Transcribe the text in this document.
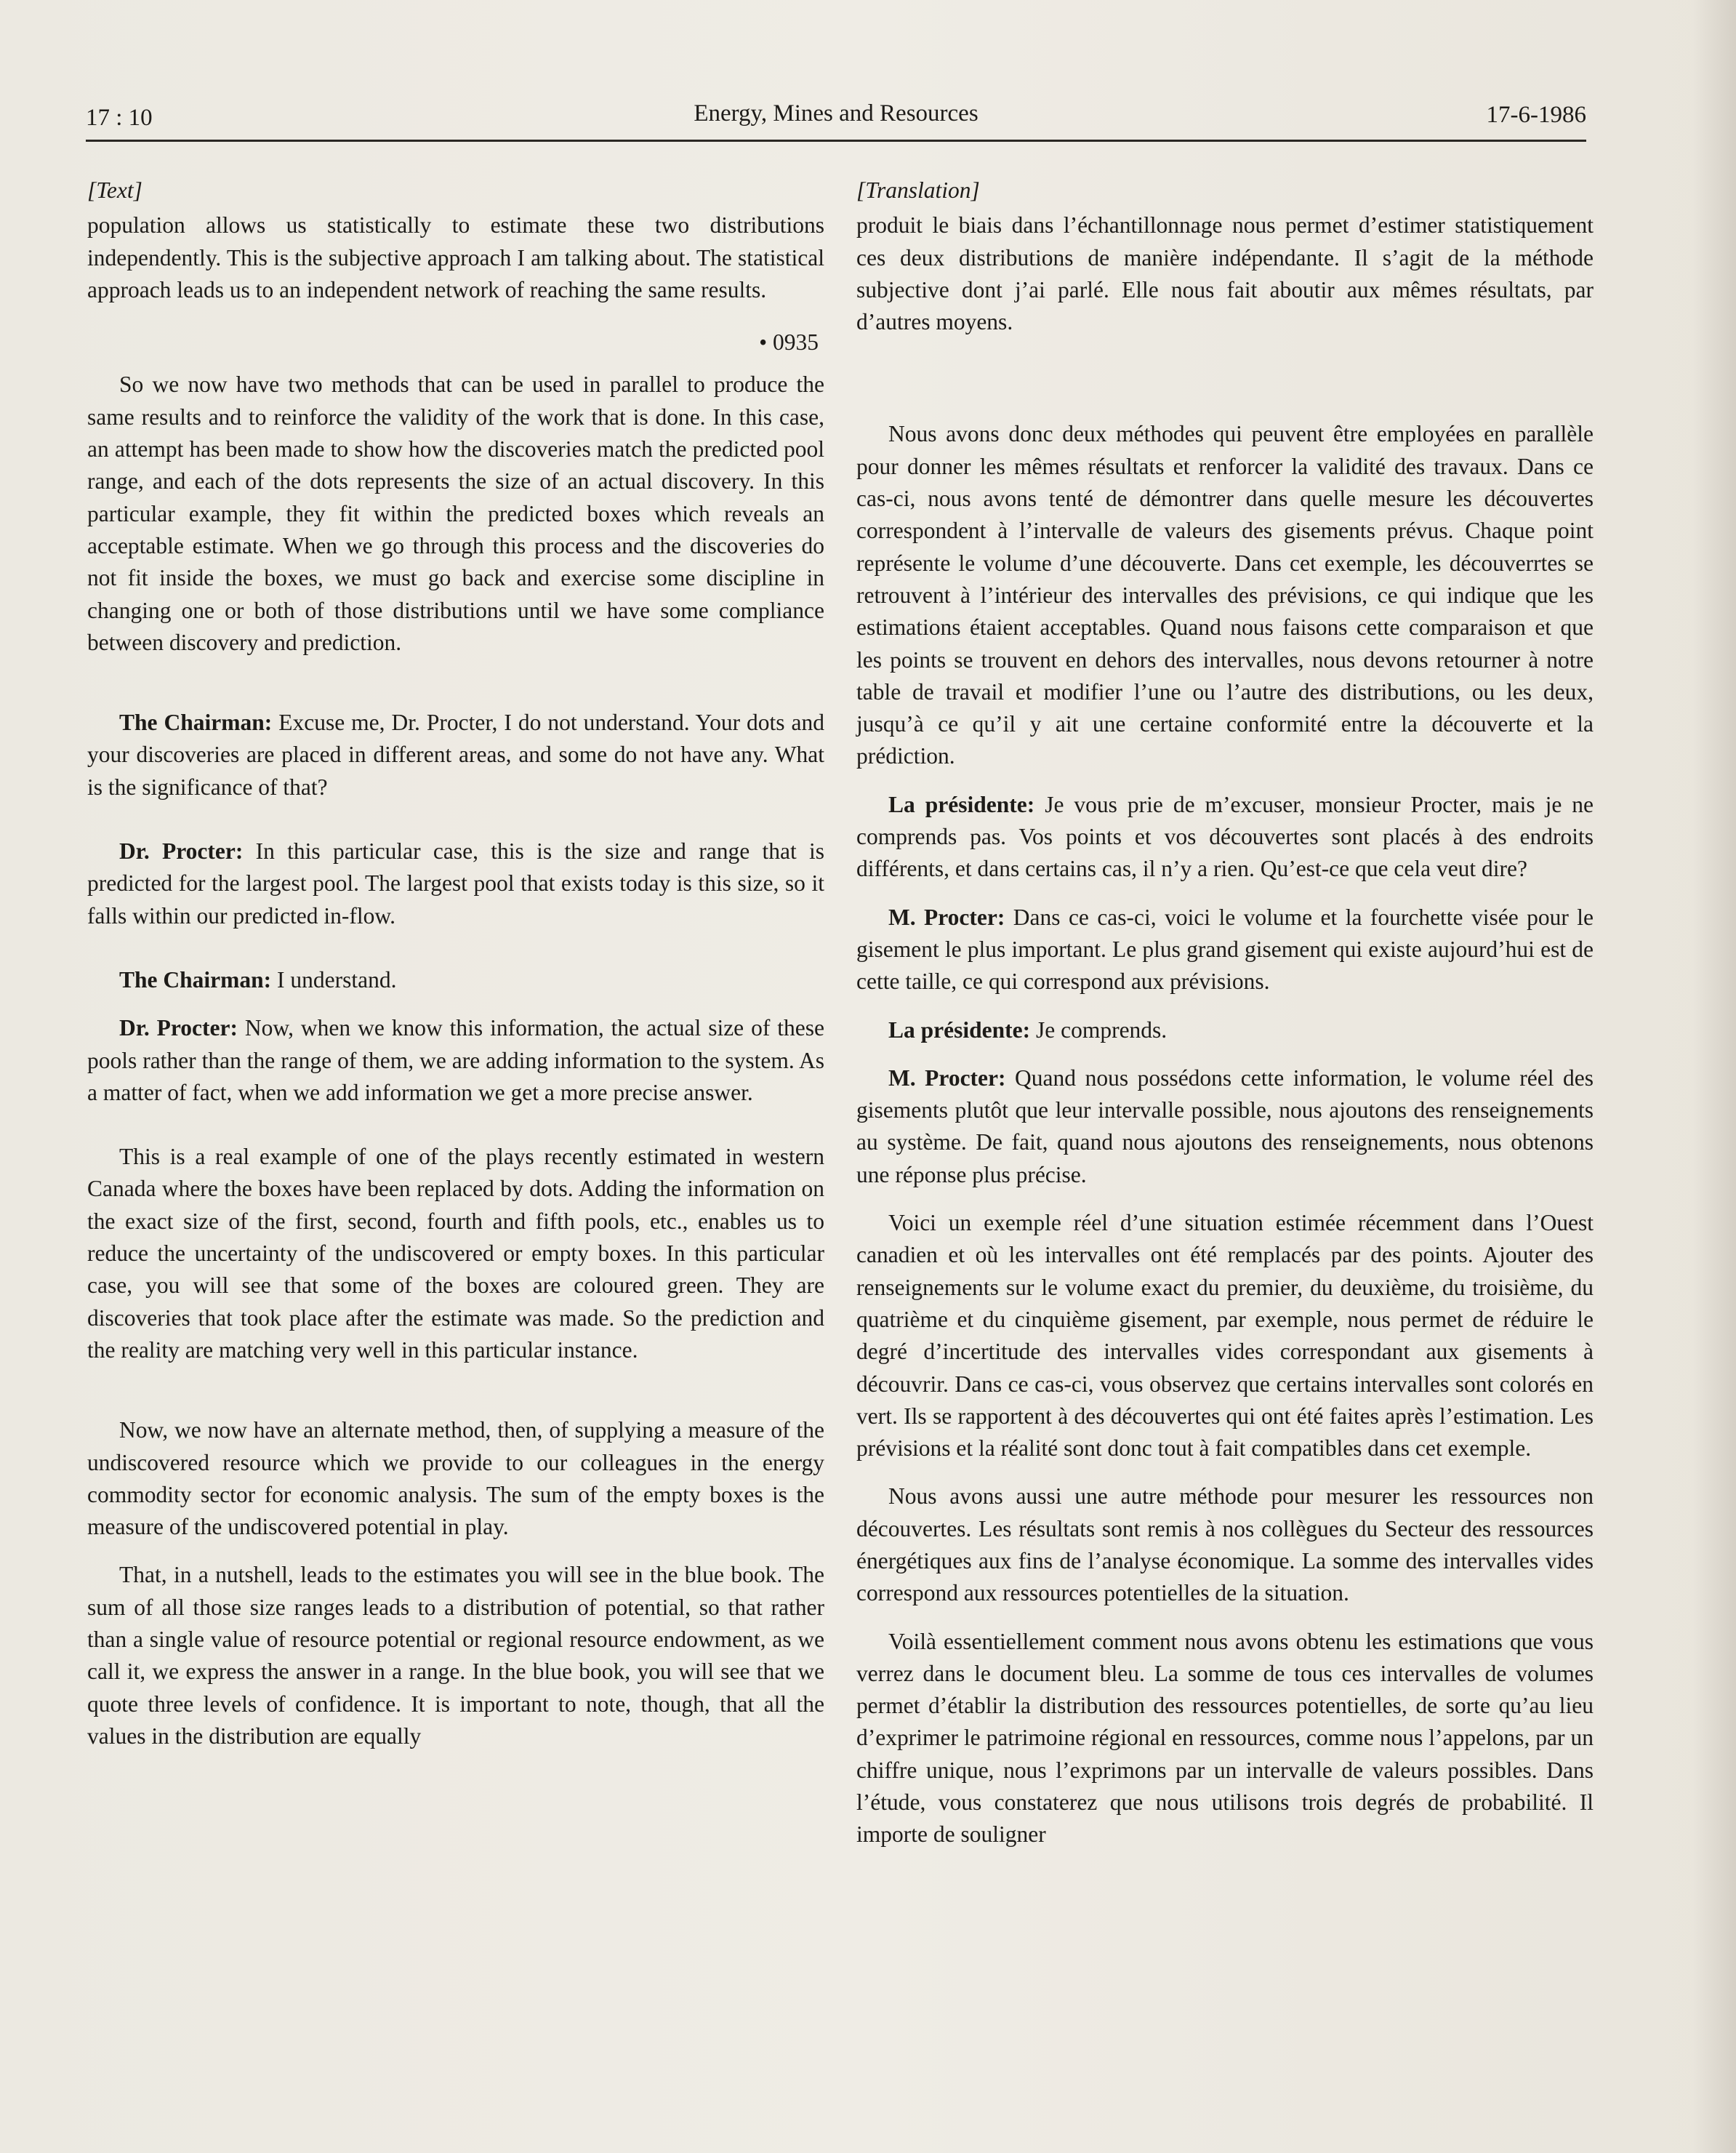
17 : 10	Energy, Mines and Resources	17-6-1986
[Text]

population allows us statistically to estimate these two distributions independently. This is the subjective approach I am talking about. The statistical approach leads us to an independent network of reaching the same results.

• 0935

So we now have two methods that can be used in parallel to produce the same results and to reinforce the validity of the work that is done. In this case, an attempt has been made to show how the discoveries match the predicted pool range, and each of the dots represents the size of an actual discovery. In this particular example, they fit within the predicted boxes which reveals an acceptable estimate. When we go through this process and the discoveries do not fit inside the boxes, we must go back and exercise some discipline in changing one or both of those distributions until we have some compliance between discovery and prediction.

The Chairman: Excuse me, Dr. Procter, I do not understand. Your dots and your discoveries are placed in different areas, and some do not have any. What is the significance of that?

Dr. Procter: In this particular case, this is the size and range that is predicted for the largest pool. The largest pool that exists today is this size, so it falls within our predicted in-flow.

The Chairman: I understand.

Dr. Procter: Now, when we know this information, the actual size of these pools rather than the range of them, we are adding information to the system. As a matter of fact, when we add information we get a more precise answer.

This is a real example of one of the plays recently estimated in western Canada where the boxes have been replaced by dots. Adding the information on the exact size of the first, second, fourth and fifth pools, etc., enables us to reduce the uncertainty of the undiscovered or empty boxes. In this particular case, you will see that some of the boxes are coloured green. They are discoveries that took place after the estimate was made. So the prediction and the reality are matching very well in this particular instance.

Now, we now have an alternate method, then, of supplying a measure of the undiscovered resource which we provide to our colleagues in the energy commodity sector for economic analysis. The sum of the empty boxes is the measure of the undiscovered potential in play.

That, in a nutshell, leads to the estimates you will see in the blue book. The sum of all those size ranges leads to a distribution of potential, so that rather than a single value of resource potential or regional resource endowment, as we call it, we express the answer in a range. In the blue book, you will see that we quote three levels of confidence. It is important to note, though, that all the values in the distribution are equally

[Translation]

produit le biais dans l’échantillonnage nous permet d’estimer statistiquement ces deux distributions de manière indépendante. Il s’agit de la méthode subjective dont j’ai parlé. Elle nous fait aboutir aux mêmes résultats, par d’autres moyens.

Nous avons donc deux méthodes qui peuvent être employées en parallèle pour donner les mêmes résultats et renforcer la validité des travaux. Dans ce cas-ci, nous avons tenté de démontrer dans quelle mesure les découvertes correspondent à l’intervalle de valeurs des gisements prévus. Chaque point représente le volume d’une découverte. Dans cet exemple, les découverrtes se retrouvent à l’intérieur des intervalles des prévisions, ce qui indique que les estimations étaient acceptables. Quand nous faisons cette comparaison et que les points se trouvent en dehors des intervalles, nous devons retourner à notre table de travail et modifier l’une ou l’autre des distributions, ou les deux, jusqu’à ce qu’il y ait une certaine conformité entre la découverte et la prédiction.

La présidente: Je vous prie de m’excuser, monsieur Procter, mais je ne comprends pas. Vos points et vos découvertes sont placés à des endroits différents, et dans certains cas, il n’y a rien. Qu’est-ce que cela veut dire?

M. Procter: Dans ce cas-ci, voici le volume et la fourchette visée pour le gisement le plus important. Le plus grand gisement qui existe aujourd’hui est de cette taille, ce qui correspond aux prévisions.

La présidente: Je comprends.

M. Procter: Quand nous possédons cette information, le volume réel des gisements plutôt que leur intervalle possible, nous ajoutons des renseignements au système. De fait, quand nous ajoutons des renseignements, nous obtenons une réponse plus précise.

Voici un exemple réel d’une situation estimée récemment dans l’Ouest canadien et où les intervalles ont été remplacés par des points. Ajouter des renseignements sur le volume exact du premier, du deuxième, du troisième, du quatrième et du cinquième gisement, par exemple, nous permet de réduire le degré d’incertitude des intervalles vides correspondant aux gisements à découvrir. Dans ce cas-ci, vous observez que certains intervalles sont colorés en vert. Ils se rapportent à des découvertes qui ont été faites après l’estimation. Les prévisions et la réalité sont donc tout à fait compatibles dans cet exemple.

Nous avons aussi une autre méthode pour mesurer les ressources non découvertes. Les résultats sont remis à nos collègues du Secteur des ressources énergétiques aux fins de l’analyse économique. La somme des intervalles vides correspond aux ressources potentielles de la situation.

Voilà essentiellement comment nous avons obtenu les estimations que vous verrez dans le document bleu. La somme de tous ces intervalles de volumes permet d’établir la distribution des ressources potentielles, de sorte qu’au lieu d’exprimer le patrimoine régional en ressources, comme nous l’appelons, par un chiffre unique, nous l’exprimons par un intervalle de valeurs possibles. Dans l’étude, vous constaterez que nous utilisons trois degrés de probabilité. Il importe de souligner
